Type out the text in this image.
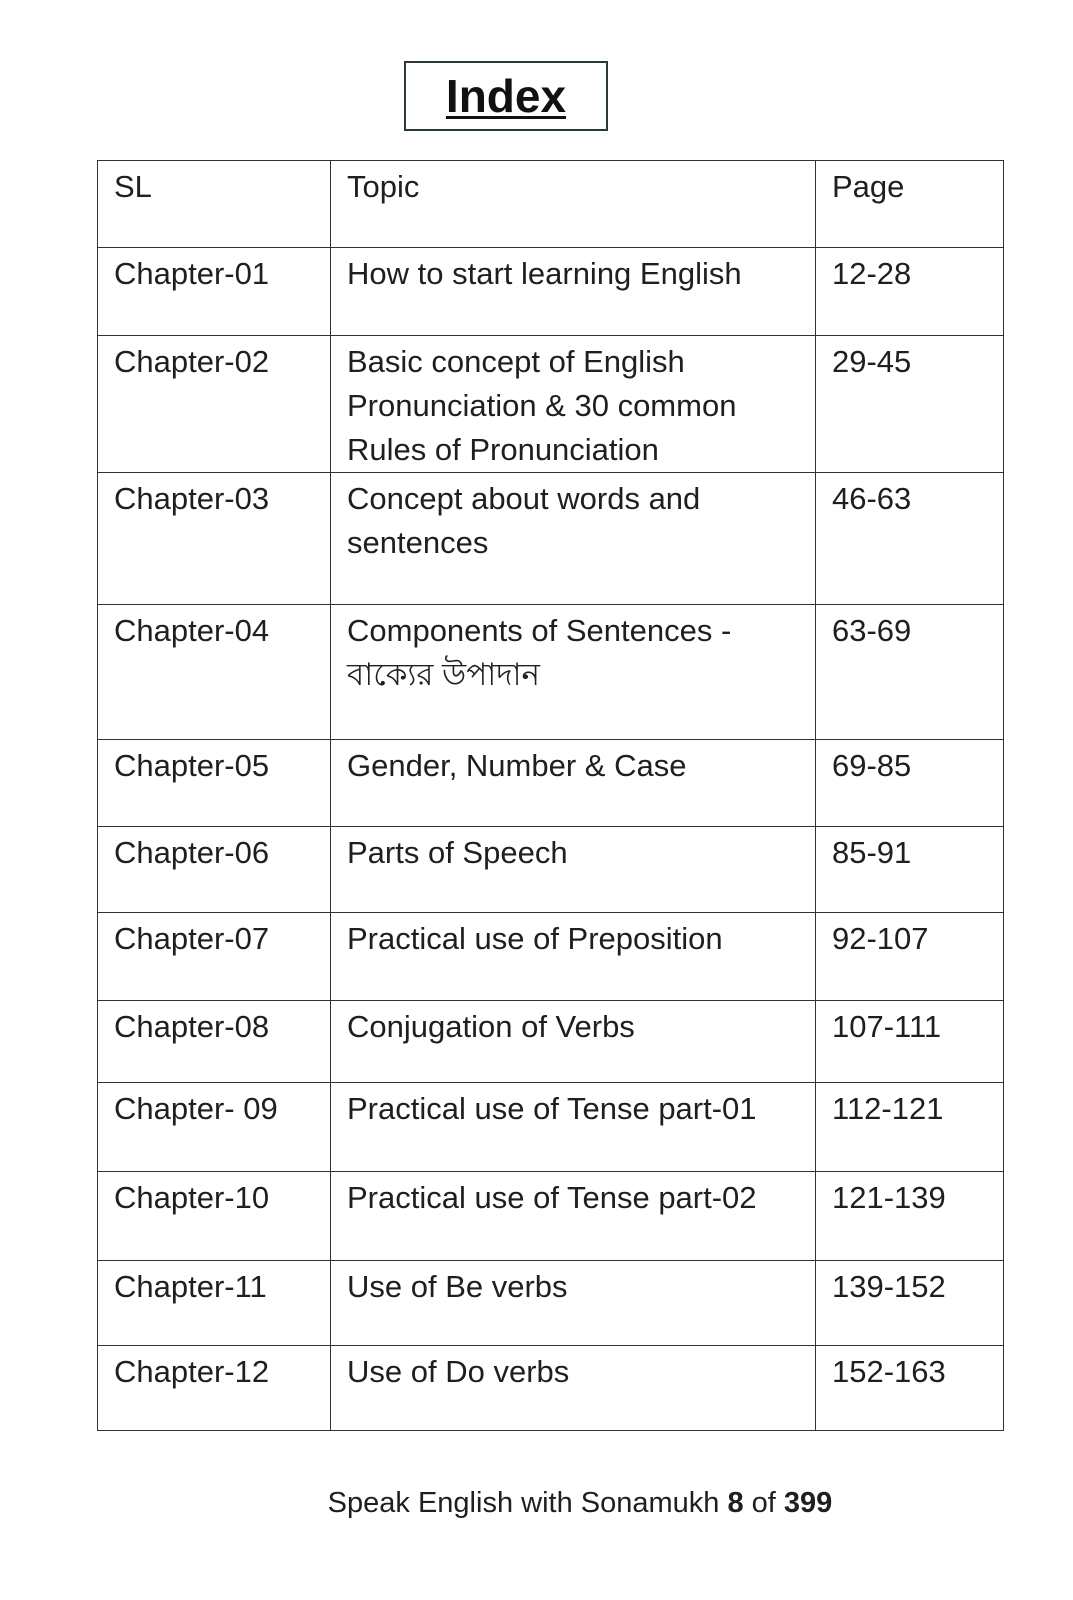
Index
SL	Topic	Page
Chapter-01	How to start learning English	12-28
Chapter-02	Basic concept of English Pronunciation & 30 common Rules of Pronunciation	29-45
Chapter-03	Concept about words and sentences	46-63
Chapter-04	Components of Sentences - বাক্যের উপাদান	63-69
Chapter-05	Gender, Number & Case	69-85
Chapter-06	Parts of Speech	85-91
Chapter-07	Practical use of Preposition	92-107
Chapter-08	Conjugation of Verbs	107-111
Chapter- 09	Practical use of Tense part-01	112-121
Chapter-10	Practical use of Tense part-02	121-139
Chapter-11	Use of Be verbs	139-152
Chapter-12	Use of Do verbs	152-163
Speak English with Sonamukh 8 of 399
